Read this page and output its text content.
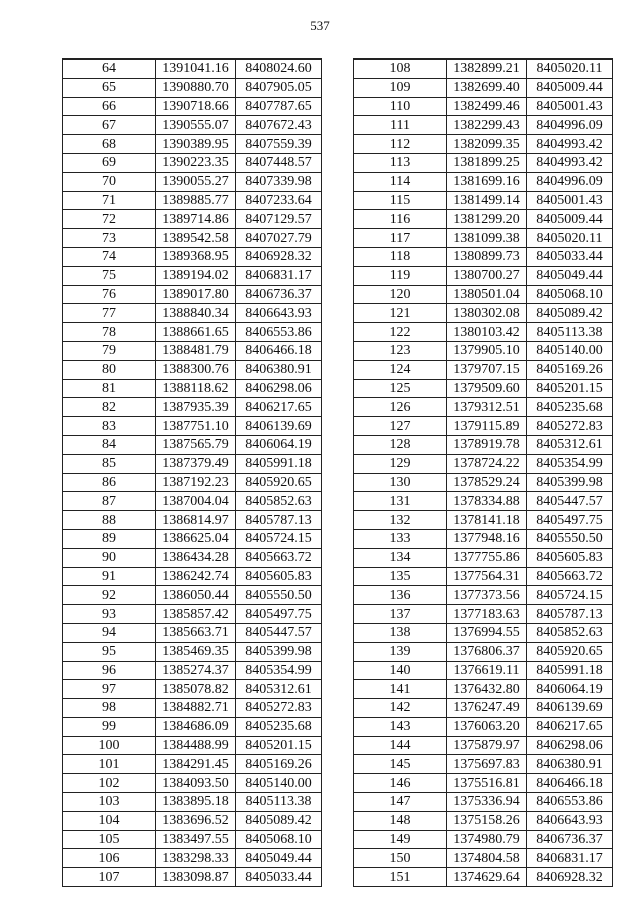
537
64	1391041.16	8408024.60
65	1390880.70	8407905.05
66	1390718.66	8407787.65
67	1390555.07	8407672.43
68	1390389.95	8407559.39
69	1390223.35	8407448.57
70	1390055.27	8407339.98
71	1389885.77	8407233.64
72	1389714.86	8407129.57
73	1389542.58	8407027.79
74	1389368.95	8406928.32
75	1389194.02	8406831.17
76	1389017.80	8406736.37
77	1388840.34	8406643.93
78	1388661.65	8406553.86
79	1388481.79	8406466.18
80	1388300.76	8406380.91
81	1388118.62	8406298.06
82	1387935.39	8406217.65
83	1387751.10	8406139.69
84	1387565.79	8406064.19
85	1387379.49	8405991.18
86	1387192.23	8405920.65
87	1387004.04	8405852.63
88	1386814.97	8405787.13
89	1386625.04	8405724.15
90	1386434.28	8405663.72
91	1386242.74	8405605.83
92	1386050.44	8405550.50
93	1385857.42	8405497.75
94	1385663.71	8405447.57
95	1385469.35	8405399.98
96	1385274.37	8405354.99
97	1385078.82	8405312.61
98	1384882.71	8405272.83
99	1384686.09	8405235.68
100	1384488.99	8405201.15
101	1384291.45	8405169.26
102	1384093.50	8405140.00
103	1383895.18	8405113.38
104	1383696.52	8405089.42
105	1383497.55	8405068.10
106	1383298.33	8405049.44
107	1383098.87	8405033.44
108	1382899.21	8405020.11
109	1382699.40	8405009.44
110	1382499.46	8405001.43
111	1382299.43	8404996.09
112	1382099.35	8404993.42
113	1381899.25	8404993.42
114	1381699.16	8404996.09
115	1381499.14	8405001.43
116	1381299.20	8405009.44
117	1381099.38	8405020.11
118	1380899.73	8405033.44
119	1380700.27	8405049.44
120	1380501.04	8405068.10
121	1380302.08	8405089.42
122	1380103.42	8405113.38
123	1379905.10	8405140.00
124	1379707.15	8405169.26
125	1379509.60	8405201.15
126	1379312.51	8405235.68
127	1379115.89	8405272.83
128	1378919.78	8405312.61
129	1378724.22	8405354.99
130	1378529.24	8405399.98
131	1378334.88	8405447.57
132	1378141.18	8405497.75
133	1377948.16	8405550.50
134	1377755.86	8405605.83
135	1377564.31	8405663.72
136	1377373.56	8405724.15
137	1377183.63	8405787.13
138	1376994.55	8405852.63
139	1376806.37	8405920.65
140	1376619.11	8405991.18
141	1376432.80	8406064.19
142	1376247.49	8406139.69
143	1376063.20	8406217.65
144	1375879.97	8406298.06
145	1375697.83	8406380.91
146	1375516.81	8406466.18
147	1375336.94	8406553.86
148	1375158.26	8406643.93
149	1374980.79	8406736.37
150	1374804.58	8406831.17
151	1374629.64	8406928.32
